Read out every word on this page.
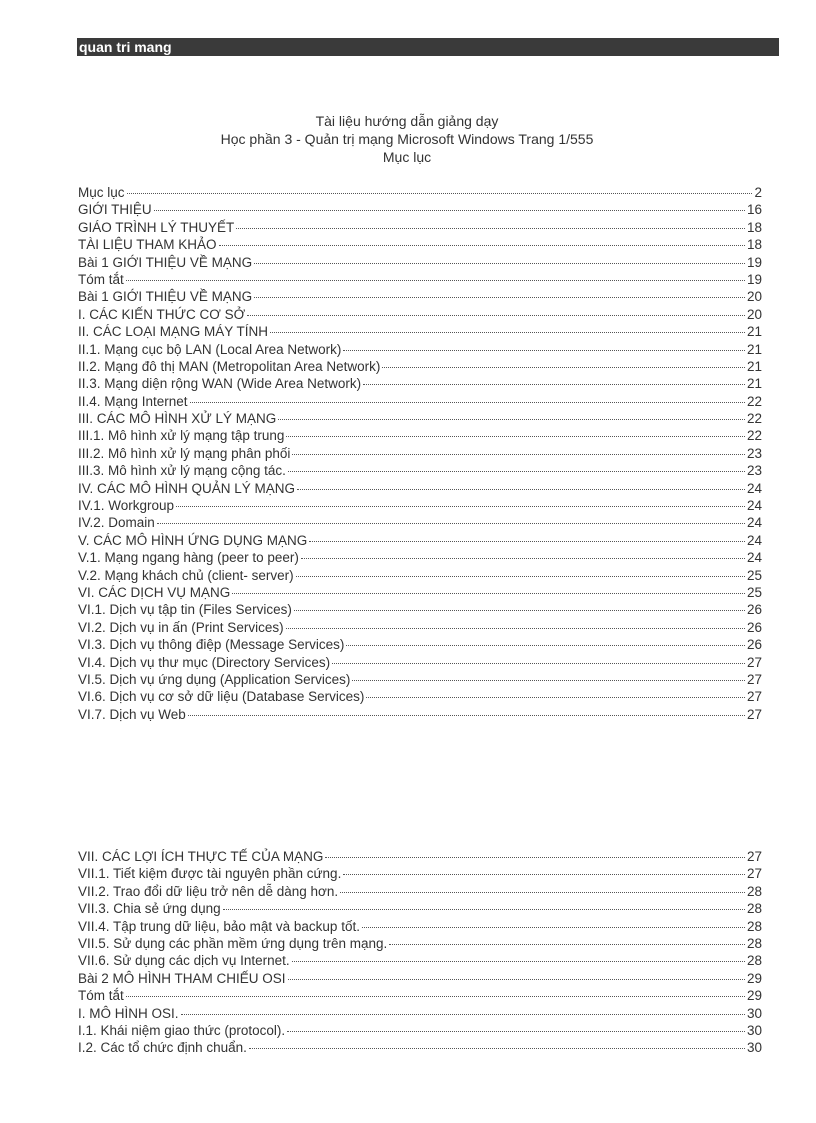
quan tri mang
Tài liệu hướng dẫn giảng dạy
Học phần 3 - Quản trị mạng Microsoft Windows Trang 1/555
Mục lục
Mục lục	2
GIỚI THIỆU	16
GIÁO TRÌNH LÝ THUYẾT	18
TÀI LIỆU THAM KHẢO	18
Bài 1 GIỚI THIỆU VỀ MẠNG	19
Tóm tắt	19
Bài 1 GIỚI THIỆU VỀ MẠNG	20
I. CÁC KIẾN THỨC CƠ SỞ	20
II. CÁC LOẠI MẠNG MÁY TÍNH	21
II.1. Mạng cục bộ LAN (Local Area Network)	21
II.2. Mạng đô thị MAN (Metropolitan Area Network)	21
II.3. Mạng diện rộng WAN (Wide Area Network)	21
II.4. Mạng Internet	22
III. CÁC MÔ HÌNH XỬ LÝ MẠNG	22
III.1. Mô hình xử lý mạng tập trung	22
III.2. Mô hình xử lý mạng phân phối	23
III.3. Mô hình xử lý mạng cộng tác.	23
IV. CÁC MÔ HÌNH QUẢN LÝ MẠNG	24
IV.1. Workgroup	24
IV.2. Domain	24
V. CÁC MÔ HÌNH ỨNG DỤNG MẠNG	24
V.1. Mạng ngang hàng (peer to peer)	24
V.2. Mạng khách chủ (client- server)	25
VI. CÁC DỊCH VỤ MẠNG	25
VI.1. Dịch vụ tập tin (Files Services)	26
VI.2. Dịch vụ in ấn (Print Services)	26
VI.3. Dịch vụ thông điệp (Message Services)	26
VI.4. Dịch vụ thư mục (Directory Services)	27
VI.5. Dịch vụ ứng dụng (Application Services)	27
VI.6. Dịch vụ cơ sở dữ liệu (Database Services)	27
VI.7. Dịch vụ Web	27
VII. CÁC LỢI ÍCH THỰC TẾ CỦA MẠNG	27
VII.1. Tiết kiệm được tài nguyên phần cứng.	27
VII.2. Trao đổi dữ liệu trở nên dễ dàng hơn.	28
VII.3. Chia sẻ ứng dụng	28
VII.4. Tập trung dữ liệu, bảo mật và backup tốt.	28
VII.5. Sử dụng các phần mềm ứng dụng trên mạng.	28
VII.6. Sử dụng các dịch vụ Internet.	28
Bài 2 MÔ HÌNH THAM CHIẾU OSI	29
Tóm tắt	29
I. MÔ HÌNH OSI.	30
I.1. Khái niệm giao thức (protocol).	30
I.2. Các tổ chức định chuẩn.	30
